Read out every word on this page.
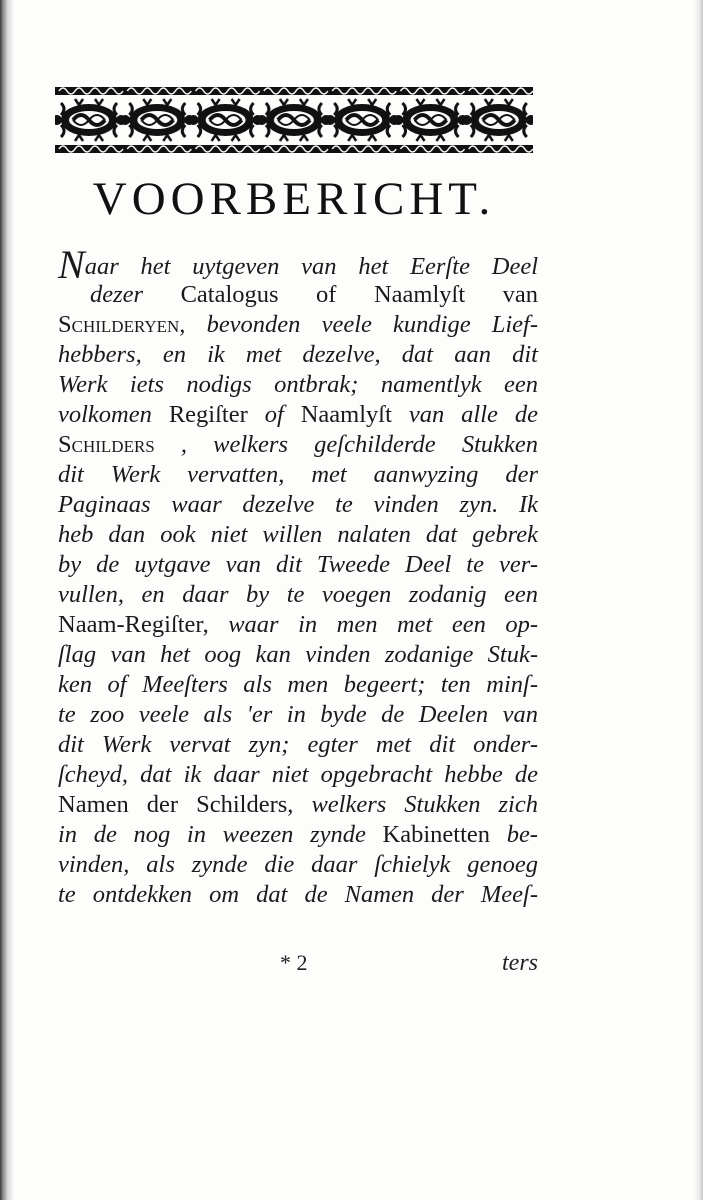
VOORBERICHT.
Naar het uytgeven van het Eerſte Deel
dezer Catalogus of Naamlyſt van
Schilderyen, bevonden veele kundige Lief-
hebbers, en ik met dezelve, dat aan dit
Werk iets nodigs ontbrak; namentlyk een
volkomen Regiſter of Naamlyſt van alle de
Schilders , welkers geſchilderde Stukken
dit Werk vervatten, met aanwyzing der
Paginaas waar dezelve te vinden zyn. Ik
heb dan ook niet willen nalaten dat gebrek
by de uytgave van dit Tweede Deel te ver-
vullen, en daar by te voegen zodanig een
Naam-Regiſter, waar in men met een op-
ſlag van het oog kan vinden zodanige Stuk-
ken of Meeſters als men begeert; ten minſ-
te zoo veele als 'er in byde de Deelen van
dit Werk vervat zyn; egter met dit onder-
ſcheyd, dat ik daar niet opgebracht hebbe de
Namen der Schilders, welkers Stukken zich
in de nog in weezen zynde Kabinetten be-
vinden, als zynde die daar ſchielyk genoeg
te ontdekken om dat de Namen der Meeſ-
* 2	ters
